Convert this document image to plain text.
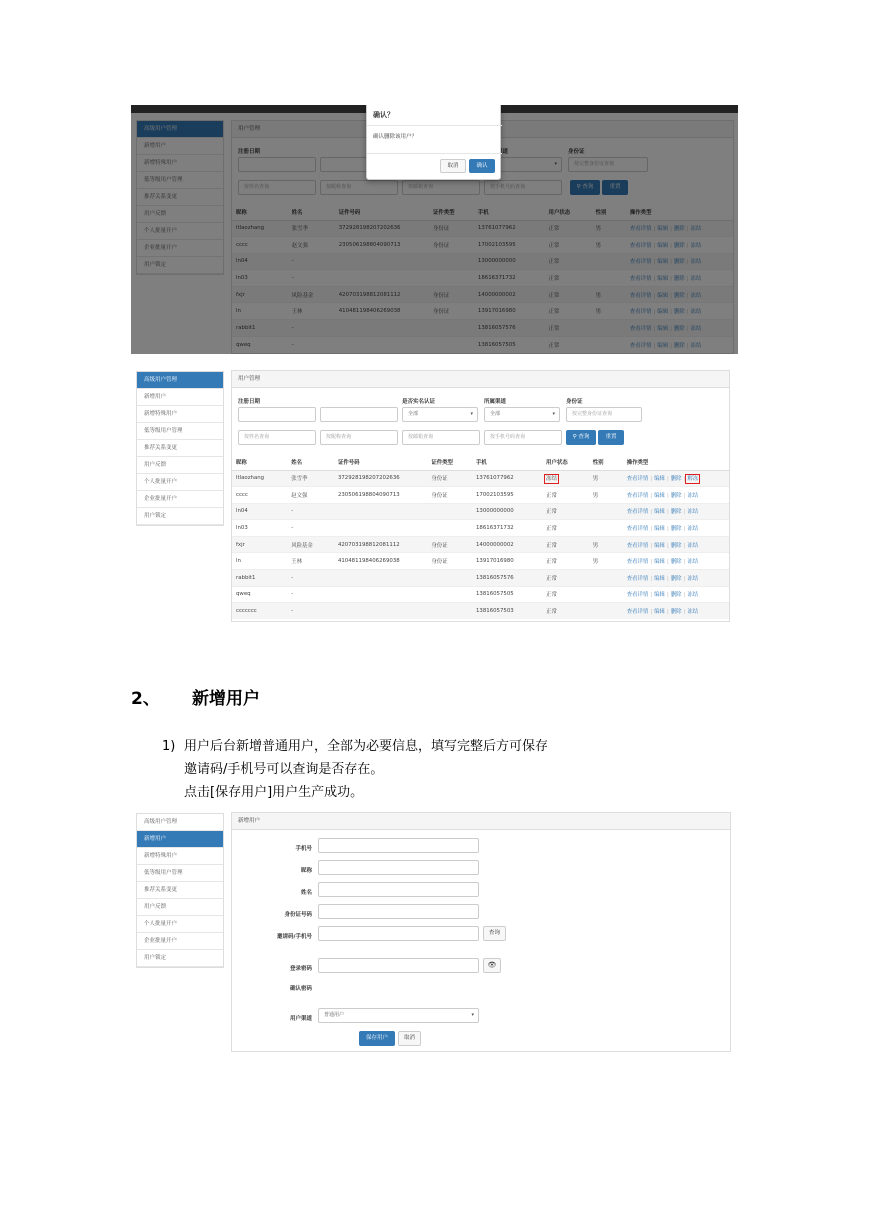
▾

确认？
确认删除该用户？
取消	确认
高级用户管理
新增用户
新增特殊用户
低等级用户管理
推荐关系变更
用户反馈
个人批量开户
企业批量开户
用户锁定
用户管理
注册日期	是否实名认证	所属渠道	身份证
全部 ▾	全部 ▾	按完整身份证查询
按姓名查询	按昵称查询	按邮箱查询	按手机号码查询	⚲ 查询	重置
昵称	姓名	证件号码	证件类型	手机	用户状态	性别	操作类型
ltlaozhang	张雪季	372928198207202636	身份证	13761077962	冻结	男	查看详情 | 编辑 | 删除 | 解冻
cccc	赵文强	230506198804090713	身份证	17002103595	正常	男	查看详情 | 编辑 | 删除 | 冻结
ln04	-			13000000000	正常		查看详情 | 编辑 | 删除 | 冻结
ln03	-			18616371732	正常		查看详情 | 编辑 | 删除 | 冻结
fxjr	风险基金	420703198812081112	身份证	14000000002	正常	男	查看详情 | 编辑 | 删除 | 冻结
ln	王林	410481198406269038	身份证	13917016980	正常	男	查看详情 | 编辑 | 删除 | 冻结
rabbit1	-			13816057576	正常		查看详情 | 编辑 | 删除 | 冻结
qweq	-			13816057505	正常		查看详情 | 编辑 | 删除 | 冻结
ccccccc	-			13816057503	正常		查看详情 | 编辑 | 删除 | 冻结
2、 新增用户
1) 用户后台新增普通用户，全部为必要信息，填写完整后方可保存
邀请码/手机号可以查询是否存在。
点击[保存用户]用户生产成功。
高级用户管理
新增用户
新增特殊用户
低等级用户管理
推荐关系变更
用户反馈
个人批量开户
企业批量开户
用户锁定
新增用户
手机号
昵称
姓名
身份证号码
邀请码/手机号
查询
登录密码	👁
确认密码
用户渠道
普通用户 ▾
保存用户	取消
